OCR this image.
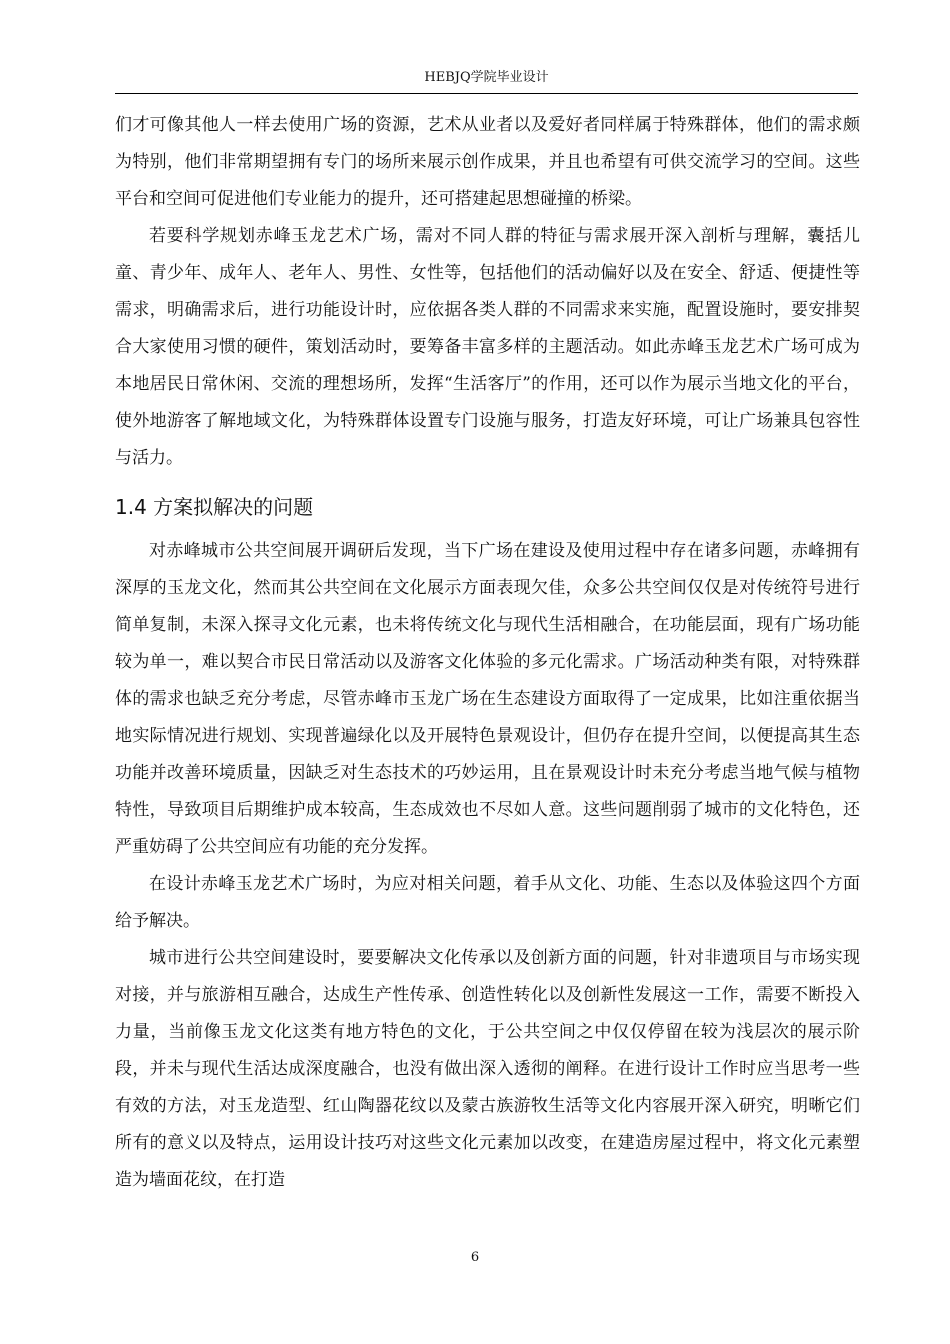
HEBJQ学院毕业设计

们才可像其他人一样去使用广场的资源，艺术从业者以及爱好者同样属于特殊群体，他们的需求颇为特别，他们非常期望拥有专门的场所来展示创作成果，并且也希望有可供交流学习的空间。这些平台和空间可促进他们专业能力的提升，还可搭建起思想碰撞的桥梁。

若要科学规划赤峰玉龙艺术广场，需对不同人群的特征与需求展开深入剖析与理解，囊括儿童、青少年、成年人、老年人、男性、女性等，包括他们的活动偏好以及在安全、舒适、便捷性等需求，明确需求后，进行功能设计时，应依据各类人群的不同需求来实施，配置设施时，要安排契合大家使用习惯的硬件，策划活动时，要筹备丰富多样的主题活动。如此赤峰玉龙艺术广场可成为本地居民日常休闲、交流的理想场所，发挥“生活客厅”的作用，还可以作为展示当地文化的平台，使外地游客了解地域文化，为特殊群体设置专门设施与服务，打造友好环境，可让广场兼具包容性与活力。

1.4 方案拟解决的问题

对赤峰城市公共空间展开调研后发现，当下广场在建设及使用过程中存在诸多问题，赤峰拥有深厚的玉龙文化，然而其公共空间在文化展示方面表现欠佳，众多公共空间仅仅是对传统符号进行简单复制，未深入探寻文化元素，也未将传统文化与现代生活相融合，在功能层面，现有广场功能较为单一，难以契合市民日常活动以及游客文化体验的多元化需求。广场活动种类有限，对特殊群体的需求也缺乏充分考虑，尽管赤峰市玉龙广场在生态建设方面取得了一定成果，比如注重依据当地实际情况进行规划、实现普遍绿化以及开展特色景观设计，但仍存在提升空间，以便提高其生态功能并改善环境质量，因缺乏对生态技术的巧妙运用，且在景观设计时未充分考虑当地气候与植物特性，导致项目后期维护成本较高，生态成效也不尽如人意。这些问题削弱了城市的文化特色，还严重妨碍了公共空间应有功能的充分发挥。

在设计赤峰玉龙艺术广场时，为应对相关问题，着手从文化、功能、生态以及体验这四个方面给予解决。

城市进行公共空间建设时，要要解决文化传承以及创新方面的问题，针对非遗项目与市场实现对接，并与旅游相互融合，达成生产性传承、创造性转化以及创新性发展这一工作，需要不断投入力量，当前像玉龙文化这类有地方特色的文化，于公共空间之中仅仅停留在较为浅层次的展示阶段，并未与现代生活达成深度融合，也没有做出深入透彻的阐释。在进行设计工作时应当思考一些有效的方法，对玉龙造型、红山陶器花纹以及蒙古族游牧生活等文化内容展开深入研究，明晰它们所有的意义以及特点，运用设计技巧对这些文化元素加以改变，在建造房屋过程中，将文化元素塑造为墙面花纹，在打造

6
